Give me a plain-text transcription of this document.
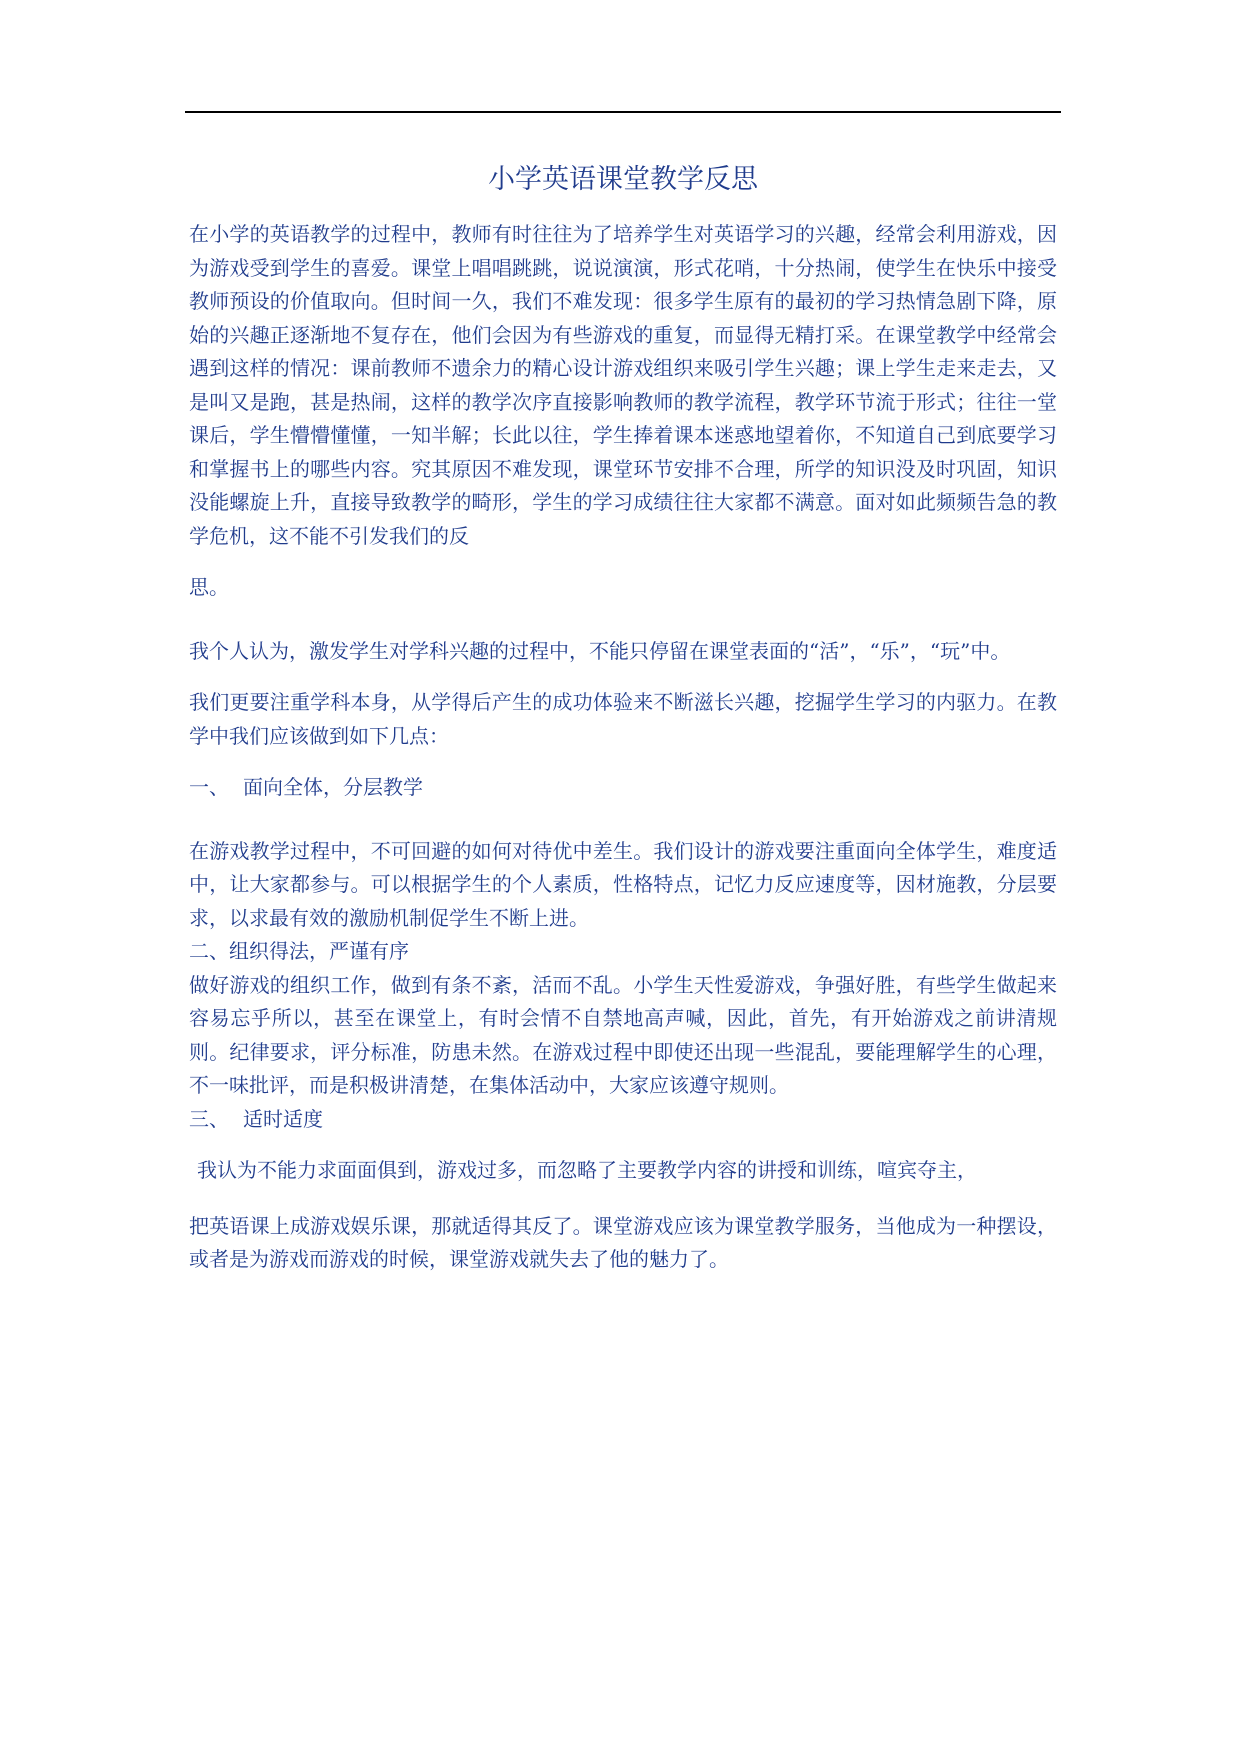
小学英语课堂教学反思

在小学的英语教学的过程中，教师有时往往为了培养学生对英语学习的兴趣，经常会利用游戏，因为游戏受到学生的喜爱。课堂上唱唱跳跳，说说演演，形式花哨，十分热闹，使学生在快乐中接受教师预设的价值取向。但时间一久，我们不难发现：很多学生原有的最初的学习热情急剧下降，原始的兴趣正逐渐地不复存在，他们会因为有些游戏的重复，而显得无精打采。在课堂教学中经常会遇到这样的情况：课前教师不遗余力的精心设计游戏组织来吸引学生兴趣；课上学生走来走去，又是叫又是跑，甚是热闹，这样的教学次序直接影响教师的教学流程，教学环节流于形式；往往一堂课后，学生懵懵懂懂，一知半解；长此以往，学生捧着课本迷惑地望着你，不知道自己到底要学习和掌握书上的哪些内容。究其原因不难发现，课堂环节安排不合理，所学的知识没及时巩固，知识没能螺旋上升，直接导致教学的畸形，学生的学习成绩往往大家都不满意。面对如此频频告急的教学危机，这不能不引发我们的反

思。

我个人认为，激发学生对学科兴趣的过程中，不能只停留在课堂表面的“活”，“乐”，“玩”中。

我们更要注重学科本身，从学得后产生的成功体验来不断滋长兴趣，挖掘学生学习的内驱力。在教学中我们应该做到如下几点：

一、 面向全体，分层教学

在游戏教学过程中，不可回避的如何对待优中差生。我们设计的游戏要注重面向全体学生，难度适中，让大家都参与。可以根据学生的个人素质，性格特点，记忆力反应速度等，因材施教，分层要求，以求最有效的激励机制促学生不断上进。

二、组织得法，严谨有序

做好游戏的组织工作，做到有条不紊，活而不乱。小学生天性爱游戏，争强好胜，有些学生做起来容易忘乎所以，甚至在课堂上，有时会情不自禁地高声喊，因此，首先，有开始游戏之前讲清规则。纪律要求，评分标准，防患未然。在游戏过程中即使还出现一些混乱，要能理解学生的心理，不一味批评，而是积极讲清楚，在集体活动中，大家应该遵守规则。

三、 适时适度

我认为不能力求面面俱到，游戏过多，而忽略了主要教学内容的讲授和训练，喧宾夺主，

把英语课上成游戏娱乐课，那就适得其反了。课堂游戏应该为课堂教学服务，当他成为一种摆设，或者是为游戏而游戏的时候，课堂游戏就失去了他的魅力了。
